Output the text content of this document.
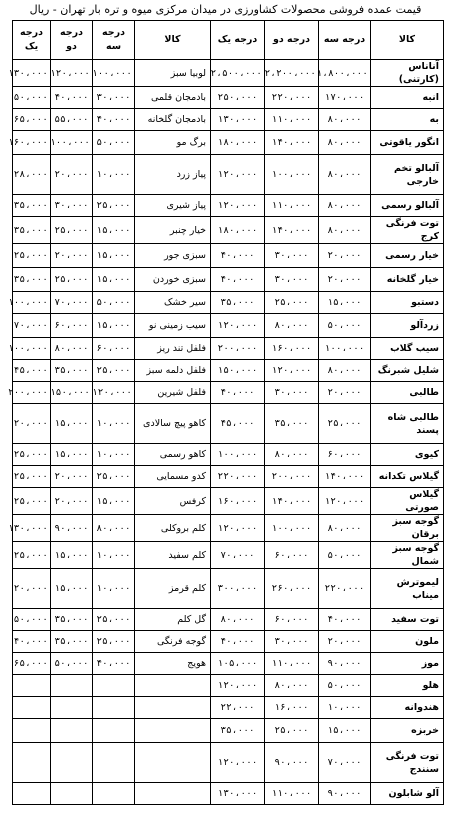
قیمت عمده فروشی محصولات کشاورزی در میدان مرکزی میوه و تره بار تهران - ریال
کالا	درجه سه	درجه دو	درجه یک	کالا	درجه سه	درجه دو	درجه یک
آناناس (کارتنی)	۱،۸۰۰،۰۰۰	۲،۲۰۰،۰۰۰	۲،۵۰۰،۰۰۰	لوبیا سبز	۱۰۰،۰۰۰	۱۲۰،۰۰۰	۱۳۰،۰۰۰
انبه	۱۷۰،۰۰۰	۲۲۰،۰۰۰	۲۵۰،۰۰۰	بادمجان قلمی	۳۰،۰۰۰	۴۰،۰۰۰	۵۰،۰۰۰
به	۸۰،۰۰۰	۱۱۰،۰۰۰	۱۳۰،۰۰۰	بادمجان گلخانه	۴۰،۰۰۰	۵۵،۰۰۰	۶۵،۰۰۰
انگور یاقوتی	۸۰،۰۰۰	۱۴۰،۰۰۰	۱۸۰،۰۰۰	برگ مو	۵۰،۰۰۰	۱۰۰،۰۰۰	۱۶۰،۰۰۰
آلبالو تخم خارجی	۸۰،۰۰۰	۱۰۰،۰۰۰	۱۲۰،۰۰۰	پیاز زرد	۱۰،۰۰۰	۲۰،۰۰۰	۲۸،۰۰۰
آلبالو رسمی	۸۰،۰۰۰	۱۱۰،۰۰۰	۱۲۰،۰۰۰	پیاز شیری	۲۵،۰۰۰	۳۰،۰۰۰	۳۵،۰۰۰
توت فرنگی کرج	۸۰،۰۰۰	۱۴۰،۰۰۰	۱۸۰،۰۰۰	خیار چنبر	۱۵،۰۰۰	۲۵،۰۰۰	۳۵،۰۰۰
خیار رسمی	۲۰،۰۰۰	۳۰،۰۰۰	۴۰،۰۰۰	سبزی جور	۱۵،۰۰۰	۲۰،۰۰۰	۲۵،۰۰۰
خیار گلخانه	۲۰،۰۰۰	۳۰،۰۰۰	۴۰،۰۰۰	سبزی خوردن	۱۵،۰۰۰	۲۵،۰۰۰	۳۵،۰۰۰
دستبو	۱۵،۰۰۰	۲۵،۰۰۰	۳۵،۰۰۰	سیر خشک	۵۰،۰۰۰	۷۰،۰۰۰	۱۰۰،۰۰۰
زردآلو	۵۰،۰۰۰	۸۰،۰۰۰	۱۲۰،۰۰۰	سیب زمینی نو	۱۵،۰۰۰	۶۰،۰۰۰	۷۰،۰۰۰
سیب گلاب	۱۰۰،۰۰۰	۱۶۰،۰۰۰	۲۰۰،۰۰۰	فلفل تند ریز	۶۰،۰۰۰	۸۰،۰۰۰	۱۰۰،۰۰۰
شلیل شبرنگ	۸۰،۰۰۰	۱۲۰،۰۰۰	۱۵۰،۰۰۰	فلفل دلمه سبز	۲۵،۰۰۰	۳۵،۰۰۰	۴۵،۰۰۰
طالبی	۲۰،۰۰۰	۳۰،۰۰۰	۴۰،۰۰۰	فلفل شیرین	۱۲۰،۰۰۰	۱۵۰،۰۰۰	۲۰۰،۰۰۰
طالبی شاه پسند	۲۵،۰۰۰	۳۵،۰۰۰	۴۵،۰۰۰	کاهو پیچ سالادی	۱۰،۰۰۰	۱۵،۰۰۰	۲۰،۰۰۰
کیوی	۶۰،۰۰۰	۸۰،۰۰۰	۱۰۰،۰۰۰	کاهو رسمی	۱۰،۰۰۰	۱۵،۰۰۰	۲۵،۰۰۰
گیلاس تکدانه	۱۴۰،۰۰۰	۲۰۰،۰۰۰	۲۲۰،۰۰۰	کدو مسمایی	۲۵،۰۰۰	۲۰،۰۰۰	۲۵،۰۰۰
گیلاس صورتی	۱۲۰،۰۰۰	۱۴۰،۰۰۰	۱۶۰،۰۰۰	کرفس	۱۵،۰۰۰	۲۰،۰۰۰	۲۵،۰۰۰
گوجه سبز برقان	۸۰،۰۰۰	۱۰۰،۰۰۰	۱۲۰،۰۰۰	کلم بروکلی	۸۰،۰۰۰	۹۰،۰۰۰	۱۳۰،۰۰۰
گوجه سبز شمال	۵۰،۰۰۰	۶۰،۰۰۰	۷۰،۰۰۰	کلم سفید	۱۰،۰۰۰	۱۵،۰۰۰	۲۵،۰۰۰
لیموترش میناب	۲۲۰،۰۰۰	۲۶۰،۰۰۰	۳۰۰،۰۰۰	کلم قرمز	۱۰،۰۰۰	۱۵،۰۰۰	۲۰،۰۰۰
توت سفید	۴۰،۰۰۰	۶۰،۰۰۰	۸۰،۰۰۰	گل کلم	۲۵،۰۰۰	۳۵،۰۰۰	۵۰،۰۰۰
ملون	۲۰،۰۰۰	۳۰،۰۰۰	۴۰،۰۰۰	گوجه فرنگی	۲۵،۰۰۰	۳۵،۰۰۰	۴۰،۰۰۰
موز	۹۰،۰۰۰	۱۱۰،۰۰۰	۱۰۵،۰۰۰	هویج	۴۰،۰۰۰	۵۰،۰۰۰	۶۵،۰۰۰
هلو	۵۰،۰۰۰	۸۰،۰۰۰	۱۲۰،۰۰۰				
هندوانه	۱۰،۰۰۰	۱۶،۰۰۰	۲۲،۰۰۰				
خربزه	۱۵،۰۰۰	۲۵،۰۰۰	۳۵،۰۰۰				
توت فرنگی سنندج	۷۰،۰۰۰	۹۰،۰۰۰	۱۲۰،۰۰۰				
آلو شابلون	۹۰،۰۰۰	۱۱۰،۰۰۰	۱۳۰،۰۰۰				
